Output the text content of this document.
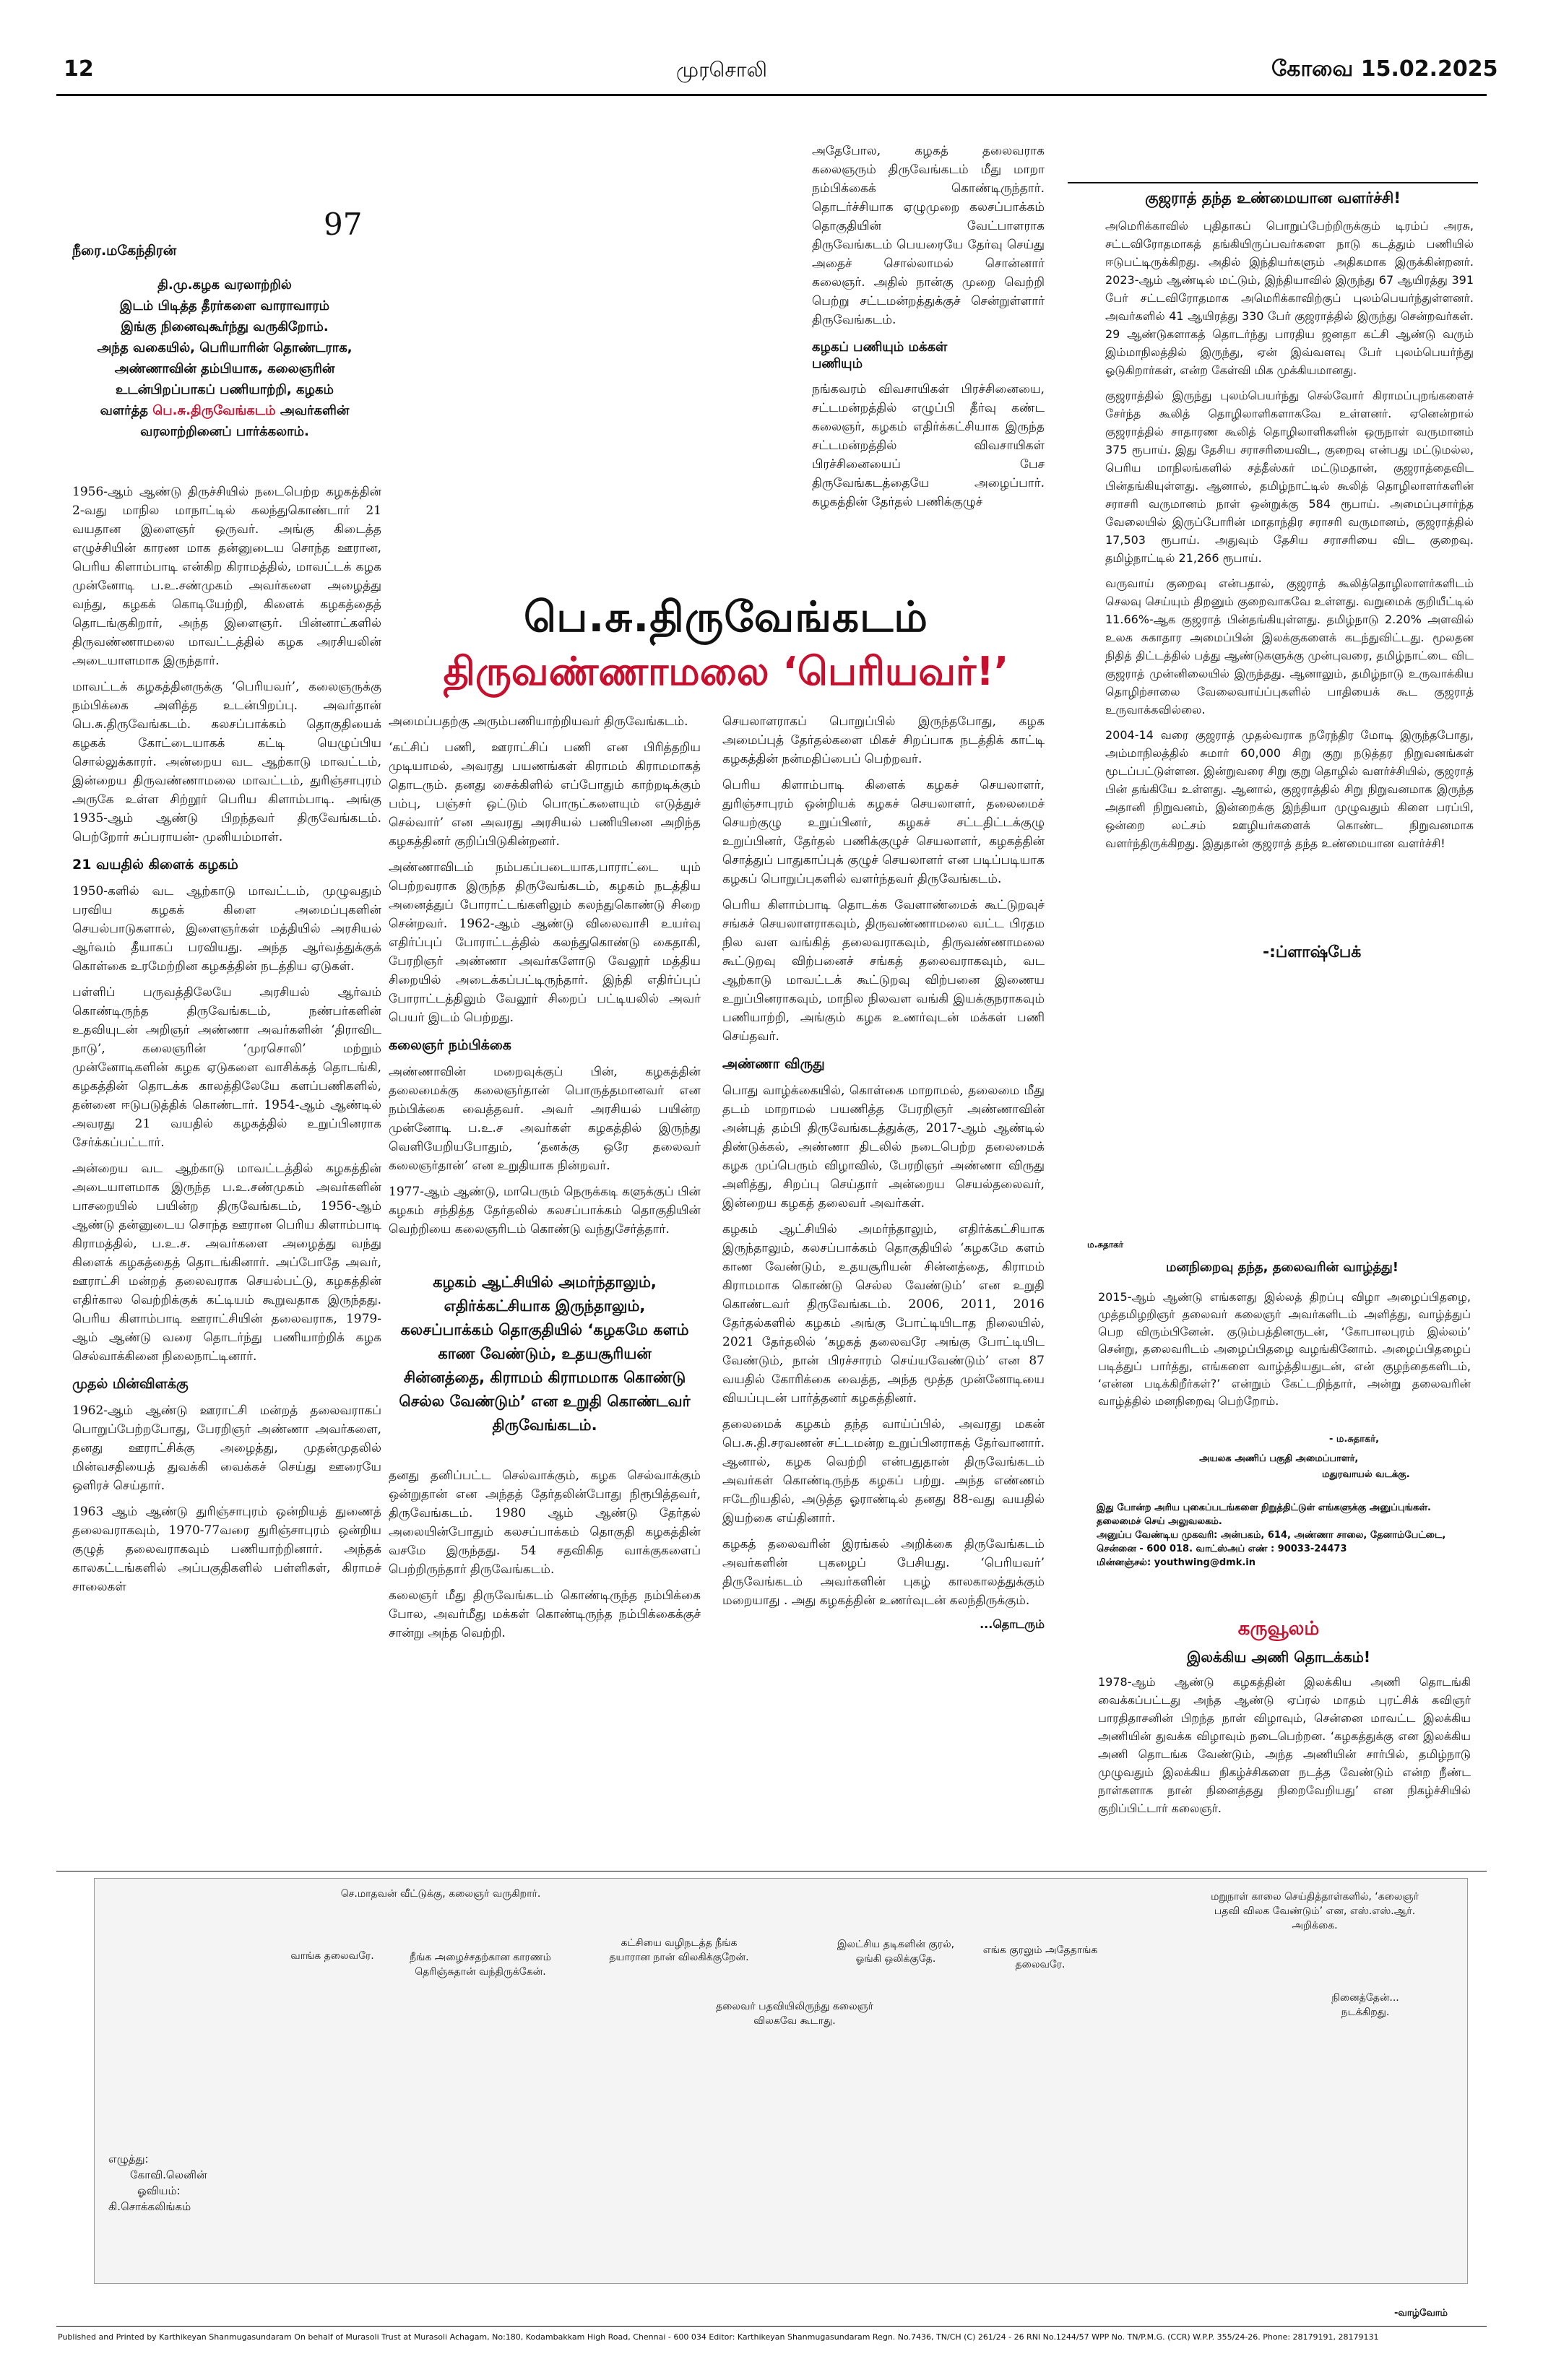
12	முரசொலி	கோவை 15.02.2025
97
நீரை.மகேந்திரன்
தி.மு.கழக வரலாற்றில்
இடம் பிடித்த தீரர்களை வாராவாரம்
இங்கு நினைவுகூர்ந்து வருகிறோம்.
அந்த வகையில், பெரியாரின் தொண்டராக,
அண்ணாவின் தம்பியாக, கலைஞரின்
உடன்பிறப்பாகப் பணியாற்றி, கழகம்
வளர்த்த பெ.சு.திருவேங்கடம் அவர்களின் வரலாற்றினைப் பார்க்கலாம்.

1956-ஆம் ஆண்டு திருச்சியில் நடைபெற்ற கழகத்தின் 2-வது மாநில மாநாட்டில் கலந்துகொண்டார் 21 வயதான இளைஞர் ஒருவர். அங்கு கிடைத்த எழுச்சியின் காரண மாக தன்னுடைய சொந்த ஊரான, பெரிய கிளாம்பாடி என்கிற கிராமத்தில், மாவட்டக் கழக முன்னோடி ப.உ.சண்முகம் அவர்களை அழைத்து வந்து, கழகக் கொடியேற்றி, கிளைக் கழகத்தைத் தொடங்குகிறார், அந்த இளைஞர். பின்னாட்களில் திருவண்ணாமலை மாவட்டத்தில் கழக அரசியலின் அடையாளமாக இருந்தார்.

மாவட்டக் கழகத்தினருக்கு ‘பெரியவர்’, கலைஞருக்கு நம்பிக்கை அளித்த உடன்பிறப்பு. அவர்தான் பெ.சு.திருவேங்கடம். கலசப்பாக்கம் தொகுதியைக் கழகக் கோட்டையாகக் கட்டி யெழுப்பிய சொல்லுக்காரர். அன்றைய வட ஆற்காடு மாவட்டம், இன்றைய திருவண்ணாமலை மாவட்டம், துரிஞ்சாபுரம் அருகே உள்ள சிற்றூர் பெரிய கிளாம்பாடி. அங்கு 1935-ஆம் ஆண்டு பிறந்தவர் திருவேங்கடம். பெற்றோர் சுப்பராயன்- முனியம்மாள்.

21 வயதில் கிளைக் கழகம்

1950-களில் வட ஆற்காடு மாவட்டம், முழுவதும் பரவிய கழகக் கிளை அமைப்புகளின் செயல்பாடுகளால், இளைஞர்கள் மத்தியில் அரசியல் ஆர்வம் தீயாகப் பரவியது. அந்த ஆர்வத்துக்குக் கொள்கை உரமேற்றின கழகத்தின் நடத்திய ஏடுகள்.

பள்ளிப் பருவத்திலேயே அரசியல் ஆர்வம் கொண்டிருந்த திருவேங்கடம், நண்பர்களின் உதவியுடன் அறிஞர் அண்ணா அவர்களின் ‘திராவிட நாடு’, கலைஞரின் ‘முரசொலி’ மற்றும் முன்னோடிகளின் கழக ஏடுகளை வாசிக்கத் தொடங்கி, கழகத்தின் தொடக்க காலத்திலேயே களப்பணிகளில், தன்னை ஈடுபடுத்திக் கொண்டார். 1954-ஆம் ஆண்டில் அவரது 21 வயதில் கழகத்தில் உறுப்பினராக சேர்க்கப்பட்டார்.

அன்றைய வட ஆற்காடு மாவட்டத்தில் கழகத்தின் அடையாளமாக இருந்த ப.உ.சண்முகம் அவர்களின் பாசறையில் பயின்ற திருவேங்கடம், 1956-ஆம் ஆண்டு தன்னுடைய சொந்த ஊரான பெரிய கிளாம்பாடி கிராமத்தில், ப.உ.ச. அவர்களை அழைத்து வந்து கிளைக் கழகத்தைத் தொடங்கினார். அப்போதே அவர், ஊராட்சி மன்றத் தலைவராக செயல்பட்டு, கழகத்தின் எதிர்கால வெற்றிக்குக் கட்டியம் கூறுவதாக இருந்தது. பெரிய கிளாம்பாடி ஊராட்சியின் தலைவராக, 1979-ஆம் ஆண்டு வரை தொடர்ந்து பணியாற்றிக் கழக செல்வாக்கினை நிலைநாட்டினார்.

முதல் மின்விளக்கு

1962-ஆம் ஆண்டு ஊராட்சி மன்றத் தலைவராகப் பொறுப்பேற்றபோது, பேரறிஞர் அண்ணா அவர்களை, தனது ஊராட்சிக்கு அழைத்து, முதன்முதலில் மின்வசதியைத் துவக்கி வைக்கச் செய்து ஊரையே ஒளிரச் செய்தார்.

1963 ஆம் ஆண்டு துரிஞ்சாபுரம் ஒன்றியத் துணைத் தலைவராகவும், 1970-77வரை துரிஞ்சாபுரம் ஒன்றிய குழுத் தலைவராகவும் பணியாற்றினார். அந்தக் காலகட்டங்களில் அப்பகுதிகளில் பள்ளிகள், கிராமச் சாலைகள்

அதேபோல, கழகத் தலைவராக கலைஞரும் திருவேங்கடம் மீது மாறா நம்பிக்கைக் கொண்டிருந்தார். தொடர்ச்சியாக ஏழுமுறை கலசப்பாக்கம் தொகுதியின் வேட்பாளராக திருவேங்கடம் பெயரையே தேர்வு செய்து அதைச் சொல்லாமல் சொன்னார் கலைஞர். அதில் நான்கு முறை வெற்றி பெற்று சட்டமன்றத்துக்குச் சென்றுள்ளார் திருவேங்கடம்.

கழகப் பணியும் மக்கள் பணியும்

நங்கவரம் விவசாயிகள் பிரச்சினையை, சட்டமன்றத்தில் எழுப்பி தீர்வு கண்ட கலைஞர், கழகம் எதிர்க்கட்சியாக இருந்த சட்டமன்றத்தில் விவசாயிகள் பிரச்சினையைப் பேச திருவேங்கடத்தையே அழைப்பார். கழகத்தின் தேர்தல் பணிக்குழுச்

பெ.சு.திருவேங்கடம்
திருவண்ணாமலை ‘பெரியவர்!’

அமைப்பதற்கு அரும்பணியாற்றியவர் திருவேங்கடம்.

‘கட்சிப் பணி, ஊராட்சிப் பணி என பிரித்தறிய முடியாமல், அவரது பயணங்கள் கிராமம் கிராமமாகத் தொடரும். தனது சைக்கிளில் எப்போதும் காற்றடிக்கும் பம்பு, பஞ்சர் ஒட்டும் பொருட்களையும் எடுத்துச் செல்வார்’ என அவரது அரசியல் பணியினை அறிந்த கழகத்தினர் குறிப்பிடுகின்றனர்.

அண்ணாவிடம் நம்பகப்படையாக,பாராட்டை யும் பெற்றவராக இருந்த திருவேங்கடம், கழகம் நடத்திய அனைத்துப் போராட்டங்களிலும் கலந்துகொண்டு சிறை சென்றவர். 1962-ஆம் ஆண்டு விலைவாசி உயர்வு எதிர்ப்புப் போராட்டத்தில் கலந்துகொண்டு கைதாகி, பேரறிஞர் அண்ணா அவர்களோடு வேலூர் மத்திய சிறையில் அடைக்கப்பட்டிருந்தார். இந்தி எதிர்ப்புப் போராட்டத்திலும் வேலூர் சிறைப் பட்டியலில் அவர் பெயர் இடம் பெற்றது.

கலைஞர் நம்பிக்கை

அண்ணாவின் மறைவுக்குப் பின், கழகத்தின் தலைமைக்கு கலைஞர்தான் பொருத்தமானவர் என நம்பிக்கை வைத்தவர். அவர் அரசியல் பயின்ற முன்னோடி ப.உ.ச அவர்கள் கழகத்தில் இருந்து வெளியேறியபோதும், ‘தனக்கு ஒரே தலைவர் கலைஞர்தான்’ என உறுதியாக நின்றவர்.

1977-ஆம் ஆண்டு, மாபெரும் நெருக்கடி களுக்குப் பின் கழகம் சந்தித்த தேர்தலில் கலசப்பாக்கம் தொகுதியின் வெற்றியை கலைஞரிடம் கொண்டு வந்துசேர்த்தார்.

கழகம் ஆட்சியில் அமர்ந்தாலும், எதிர்க்கட்சியாக இருந்தாலும், கலசப்பாக்கம் தொகுதியில் ‘கழகமே களம் காண வேண்டும், உதயசூரியன் சின்னத்தை, கிராமம் கிராமமாக கொண்டு செல்ல வேண்டும்’ என உறுதி கொண்டவர் திருவேங்கடம்.

தனது தனிப்பட்ட செல்வாக்கும், கழக செல்வாக்கும் ஒன்றுதான் என அந்தத் தேர்தலின்போது நிரூபித்தவர், திருவேங்கடம். 1980 ஆம் ஆண்டு தேர்தல் அலையின்போதும் கலசப்பாக்கம் தொகுதி கழகத்தின் வசமே இருந்தது. 54 சதவிகித வாக்குகளைப் பெற்றிருந்தார் திருவேங்கடம்.

கலைஞர் மீது திருவேங்கடம் கொண்டிருந்த நம்பிக்கை போல, அவர்மீது மக்கள் கொண்டிருந்த நம்பிக்கைக்குச் சான்று அந்த வெற்றி.

செயலாளராகப் பொறுப்பில் இருந்தபோது, கழக அமைப்புத் தேர்தல்களை மிகச் சிறப்பாக நடத்திக் காட்டி கழகத்தின் நன்மதிப்பைப் பெற்றவர்.

பெரிய கிளாம்பாடி கிளைக் கழகச் செயலாளர், துரிஞ்சாபுரம் ஒன்றியக் கழகச் செயலாளர், தலைமைச் செயற்குழு உறுப்பினர், கழகச் சட்டதிட்டக்குழு உறுப்பினர், தேர்தல் பணிக்குழுச் செயலாளர், கழகத்தின் சொத்துப் பாதுகாப்புக் குழுச் செயலாளர் என படிப்படியாக கழகப் பொறுப்புகளில் வளர்ந்தவர் திருவேங்கடம்.

பெரிய கிளாம்பாடி தொடக்க வேளாண்மைக் கூட்டுறவுச் சங்கச் செயலாளராகவும், திருவண்ணாமலை வட்ட பிரதம நில வள வங்கித் தலைவராகவும், திருவண்ணாமலை கூட்டுறவு விற்பனைச் சங்கத் தலைவராகவும், வட ஆற்காடு மாவட்டக் கூட்டுறவு விற்பனை இணைய உறுப்பினராகவும், மாநில நிலவள வங்கி இயக்குநராகவும் பணியாற்றி, அங்கும் கழக உணர்வுடன் மக்கள் பணி செய்தவர்.

அண்ணா விருது

பொது வாழ்க்கையில், கொள்கை மாறாமல், தலைமை மீது தடம் மாறாமல் பயணித்த பேரறிஞர் அண்ணாவின் அன்புத் தம்பி திருவேங்கடத்துக்கு, 2017-ஆம் ஆண்டில் திண்டுக்கல், அண்ணா திடலில் நடைபெற்ற தலைமைக் கழக முப்பெரும் விழாவில், பேரறிஞர் அண்ணா விருது அளித்து, சிறப்பு செய்தார் அன்றைய செயல்தலைவர், இன்றைய கழகத் தலைவர் அவர்கள்.

கழகம் ஆட்சியில் அமர்ந்தாலும், எதிர்க்கட்சியாக இருந்தாலும், கலசப்பாக்கம் தொகுதியில் ‘கழகமே களம் காண வேண்டும், உதயசூரியன் சின்னத்தை, கிராமம் கிராமமாக கொண்டு செல்ல வேண்டும்’ என உறுதி கொண்டவர் திருவேங்கடம். 2006, 2011, 2016 தேர்தல்களில் கழகம் அங்கு போட்டியிடாத நிலையில், 2021 தேர்தலில் ‘கழகத் தலைவரே அங்கு போட்டியிட வேண்டும், நான் பிரச்சாரம் செய்யவேண்டும்’ என 87 வயதில் கோரிக்கை வைத்த, அந்த மூத்த முன்னோடியை வியப்புடன் பார்த்தனர் கழகத்தினர்.

தலைமைக் கழகம் தந்த வாய்ப்பில், அவரது மகன் பெ.சு.தி.சரவணன் சட்டமன்ற உறுப்பினராகத் தேர்வானார். ஆனால், கழக வெற்றி என்பதுதான் திருவேங்கடம் அவர்கள் கொண்டிருந்த கழகப் பற்று. அந்த எண்ணம் ஈடேறியதில், அடுத்த ஓராண்டில் தனது 88-வது வயதில் இயற்கை எய்தினார்.

கழகத் தலைவரின் இரங்கல் அறிக்கை திருவேங்கடம் அவர்களின் புகழைப் பேசியது. ‘பெரியவர்’ திருவேங்கடம் அவர்களின் புகழ் காலகாலத்துக்கும் மறையாது . அது கழகத்தின் உணர்வுடன் கலந்திருக்கும்.

...தொடரும்
குஜராத் தந்த உண்மையான வளர்ச்சி!

அமெரிக்காவில் புதிதாகப் பொறுப்பேற்றிருக்கும் டிரம்ப் அரசு, சட்டவிரோதமாகத் தங்கியிருப்பவர்களை நாடு கடத்தும் பணியில் ஈடுபட்டிருக்கிறது. அதில் இந்தியர்களும் அதிகமாக இருக்கின்றனர். 2023-ஆம் ஆண்டில் மட்டும், இந்தியாவில் இருந்து 67 ஆயிரத்து 391 பேர் சட்டவிரோதமாக அமெரிக்காவிற்குப் புலம்பெயர்ந்துள்ளனர். அவர்களில் 41 ஆயிரத்து 330 பேர் குஜராத்தில் இருந்து சென்றவர்கள். 29 ஆண்டுகளாகத் தொடர்ந்து பாரதிய ஜனதா கட்சி ஆண்டு வரும் இம்மாநிலத்தில் இருந்து, ஏன் இவ்வளவு பேர் புலம்பெயர்ந்து ஓடுகிறார்கள், என்ற கேள்வி மிக முக்கியமானது.

குஜராத்தில் இருந்து புலம்பெயர்ந்து செல்வோர் கிராமப்புறங்களைச் சேர்ந்த கூலித் தொழிலாளிகளாகவே உள்ளனர். ஏனென்றால் குஜராத்தில் சாதாரண கூலித் தொழிலாளிகளின் ஒருநாள் வருமானம் 375 ரூபாய். இது தேசிய சராசரியைவிட, குறைவு என்பது மட்டுமல்ல, பெரிய மாநிலங்களில் சத்தீஸ்கர் மட்டுமதான், குஜராத்தைவிட பின்தங்கியுள்ளது. ஆனால், தமிழ்நாட்டில் கூலித் தொழிலாளர்களின் சராசரி வருமானம் நாள் ஒன்றுக்கு 584 ரூபாய். அமைப்புசார்ந்த வேலையில் இருப்போரின் மாதாந்திர சராசரி வருமானம், குஜராத்தில் 17,503 ரூபாய். அதுவும் தேசிய சராசரியை விட குறைவு. தமிழ்நாட்டில் 21,266 ரூபாய்.

வருவாய் குறைவு என்பதால், குஜராத் கூலித்தொழிலாளர்களிடம் செலவு செய்யும் திறனும் குறைவாகவே உள்ளது. வறுமைக் குறியீட்டில் 11.66%-ஆக குஜராத் பின்தங்கியுள்ளது. தமிழ்நாடு 2.20% அளவில் உலக சுகாதார அமைப்பின் இலக்குகளைக் கடந்துவிட்டது. மூலதன நிதித் திட்டத்தில் பத்து ஆண்டுகளுக்கு முன்புவரை, தமிழ்நாட்டை விட குஜராத் முன்னிலையில் இருந்தது. ஆனாலும், தமிழ்நாடு உருவாக்கிய தொழிற்சாலை வேலைவாய்ப்புகளில் பாதியைக் கூட குஜராத் உருவாக்கவில்லை.

2004-14 வரை குஜராத் முதல்வராக நரேந்திர மோடி இருந்தபோது, அம்மாநிலத்தில் சுமார் 60,000 சிறு குறு நடுத்தர நிறுவனங்கள் மூடப்பட்டுள்ளன. இன்றுவரை சிறு குறு தொழில் வளர்ச்சியில், குஜராத் பின் தங்கியே உள்ளது. ஆனால், குஜராத்தில் சிறு நிறுவனமாக இருந்த அதானி நிறுவனம், இன்றைக்கு இந்தியா முழுவதும் கிளை பரப்பி, ஒன்றை லட்சம் ஊழியர்களைக் கொண்ட நிறுவனமாக வளர்ந்திருக்கிறது. இதுதான் குஜராத் தந்த உண்மையான வளர்ச்சி!

-:ப்ளாஷ்பேக்
ம.சுதாகர்
மனநிறைவு தந்த, தலைவரின் வாழ்த்து!
2015-ஆம் ஆண்டு எங்களது இல்லத் திறப்பு விழா அழைப்பிதழை, முத்தமிழறிஞர் தலைவர் கலைஞர் அவர்களிடம் அளித்து, வாழ்த்துப் பெற விரும்பினேன். குடும்பத்தினருடன், ‘கோபாலபுரம் இல்லம்’ சென்று, தலைவரிடம் அழைப்பிதழை வழங்கினோம். அழைப்பிதழைப் படித்துப் பார்த்து, எங்களை வாழ்த்தியதுடன், என் குழந்தைகளிடம், ‘என்ன படிக்கிறீர்கள்?’ என்றும் கேட்டறிந்தார், அன்று தலைவரின் வாழ்த்தில் மனநிறைவு பெற்றோம்.
- ம.சுதாகர்,
அயலக அணிப் பகுதி அமைப்பாளர்,
மதுரவாயல் வடக்கு.
இது போன்ற அரிய புகைப்படங்களை நிறுத்திட்டுள் எங்களுக்கு அனுப்புங்கள். தலைமைச் செய் அலுவலகம்.
அனுப்ப வேண்டிய முகவரி: அன்பகம், 614, அண்ணா சாலை, தேனாம்பேட்டை, சென்னை - 600 018. வாட்ஸ்அப் எண் : 90033-24473
மின்னஞ்சல்: youthwing@dmk.in
கருவூலம்
இலக்கிய அணி தொடக்கம்!
1978-ஆம் ஆண்டு கழகத்தின் இலக்கிய அணி தொடங்கி வைக்கப்பட்டது அந்த ஆண்டு ஏப்ரல் மாதம் புரட்சிக் கவிஞர் பாரதிதாசனின் பிறந்த நாள் விழாவும், சென்னை மாவட்ட இலக்கிய அணியின் துவக்க விழாவும் நடைபெற்றன. ‘கழகத்துக்கு என இலக்கிய அணி தொடங்க வேண்டும், அந்த அணியின் சார்பில், தமிழ்நாடு முழுவதும் இலக்கிய நிகழ்ச்சிகளை நடத்த வேண்டும் என்ற நீண்ட நாள்களாக நான் நினைத்தது நிறைவேறியது’ என நிகழ்ச்சியில் குறிப்பிட்டார் கலைஞர்.
செ.மாதவன் வீட்டுக்கு, கலைஞர் வருகிறார்.
வாங்க தலைவரே.	நீங்க அழைச்சதற்கான காரணம் தெரிஞ்சுதான் வந்திருக்கேன்.
கட்சியை வழிநடத்த நீங்க தயாரான நான் விலகிக்குறேன்.
தலைவர் பதவியிலிருந்து கலைஞர் விலகவே கூடாது.
இலட்சிய தடிகளின் குரல், ஓங்கி ஒலிக்குதே.
எங்க குரலும் அதேதாங்க தலைவரே.
மறுநாள் காலை செய்தித்தாள்களில், ‘கலைஞர் பதவி விலக வேண்டும்’ என, எஸ்.எஸ்.ஆர். அறிக்கை.
நினைத்தேன்... நடக்கிறது.
எழுத்து:
கோவி.லெனின்
ஓவியம்:
கி.சொக்கலிங்கம்
-வாழ்வோம்
Published and Printed by Karthikeyan Shanmugasundaram On behalf of Murasoli Trust at Murasoli Achagam, No:180, Kodambakkam High Road, Chennai - 600 034 Editor: Karthikeyan Shanmugasundaram Regn. No.7436, TN/CH (C) 261/24 - 26 RNI No.1244/57 WPP No. TN/P.M.G. (CCR) W.P.P. 355/24-26. Phone: 28179191, 28179131
